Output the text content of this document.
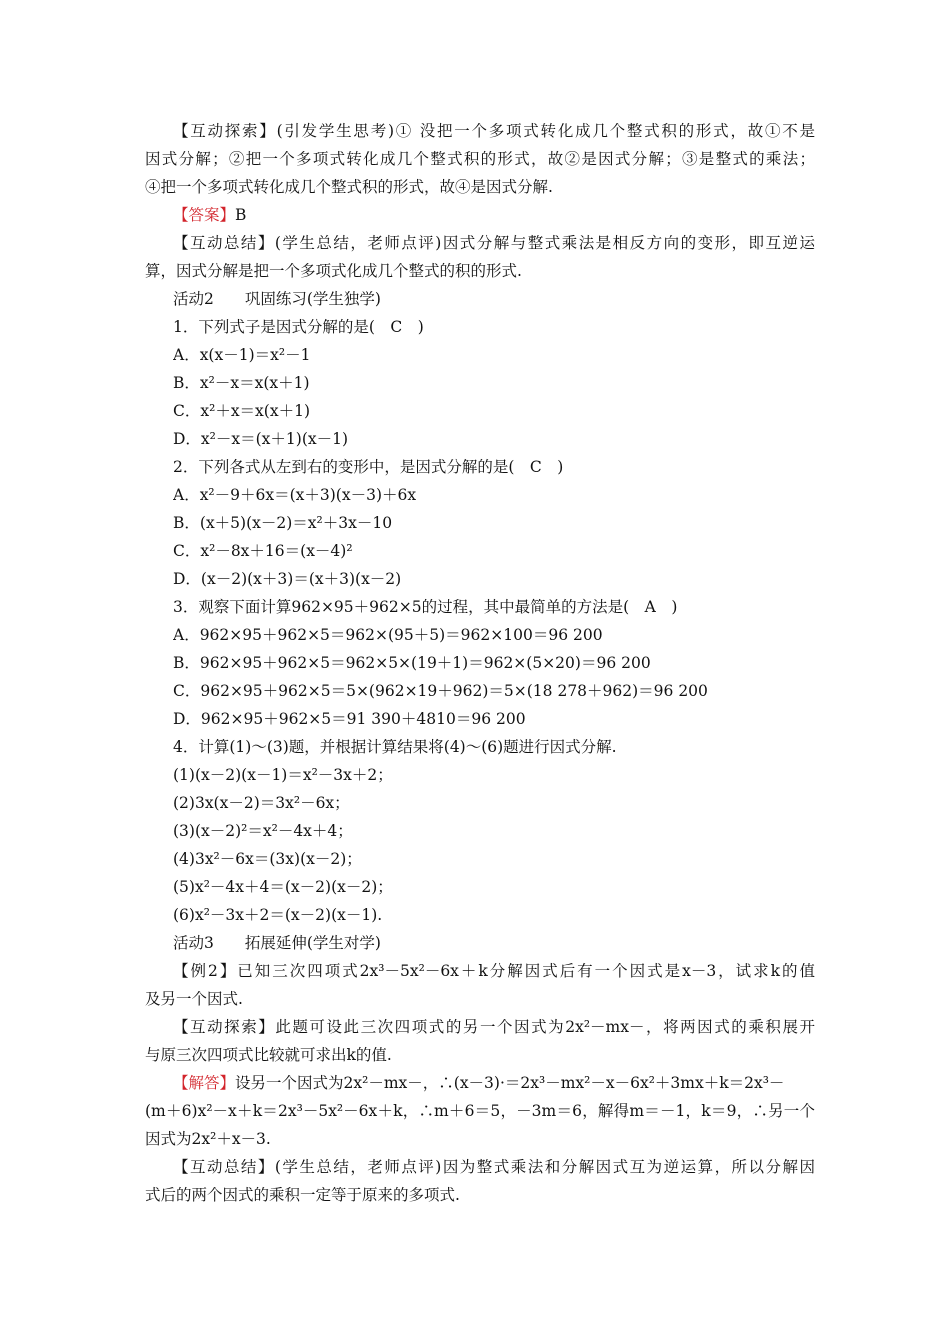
【互动探索】(引发学生思考)① 没把一个多项式转化成几个整式积的形式，故①不是
因式分解；②把一个多项式转化成几个整式积的形式，故②是因式分解；③是整式的乘法；
④把一个多项式转化成几个整式积的形式，故④是因式分解.
【答案】B
【互动总结】(学生总结，老师点评)因式分解与整式乘法是相反方向的变形，即互逆运
算，因式分解是把一个多项式化成几个整式的积的形式.
活动2　　巩固练习(学生独学)
1．下列式子是因式分解的是(　C　)
A．x(x－1)＝x²－1
B．x²－x＝x(x＋1)
C．x²＋x＝x(x＋1)
D．x²－x＝(x＋1)(x－1)
2．下列各式从左到右的变形中，是因式分解的是(　C　)
A．x²－9＋6x＝(x＋3)(x－3)＋6x
B．(x＋5)(x－2)＝x²＋3x－10
C．x²－8x＋16＝(x－4)²
D．(x－2)(x＋3)＝(x＋3)(x－2)
3．观察下面计算962×95＋962×5的过程，其中最简单的方法是(　A　)
A．962×95＋962×5＝962×(95＋5)＝962×100＝96 200
B．962×95＋962×5＝962×5×(19＋1)＝962×(5×20)＝96 200
C．962×95＋962×5＝5×(962×19＋962)＝5×(18 278＋962)＝96 200
D．962×95＋962×5＝91 390＋4810＝96 200
4．计算(1)～(3)题，并根据计算结果将(4)～(6)题进行因式分解.
(1)(x－2)(x－1)＝x²－3x＋2；
(2)3x(x－2)＝3x²－6x；
(3)(x－2)²＝x²－4x＋4；
(4)3x²－6x＝(3x)(x－2)；
(5)x²－4x＋4＝(x－2)(x－2)；
(6)x²－3x＋2＝(x－2)(x－1).
活动3　　拓展延伸(学生对学)
【例2】已知三次四项式2x³－5x²－6x＋k分解因式后有一个因式是x－3，试求k的值
及另一个因式.
【互动探索】此题可设此三次四项式的另一个因式为2x²－mx－，将两因式的乘积展开
与原三次四项式比较就可求出k的值.
【解答】设另一个因式为2x²－mx－，∴(x－3)·＝2x³－mx²－x－6x²＋3mx＋k＝2x³－
(m＋6)x²－x＋k＝2x³－5x²－6x＋k，∴m＋6＝5，－3m＝6，解得m＝－1，k＝9，∴另一个
因式为2x²＋x－3.
【互动总结】(学生总结，老师点评)因为整式乘法和分解因式互为逆运算，所以分解因
式后的两个因式的乘积一定等于原来的多项式.
